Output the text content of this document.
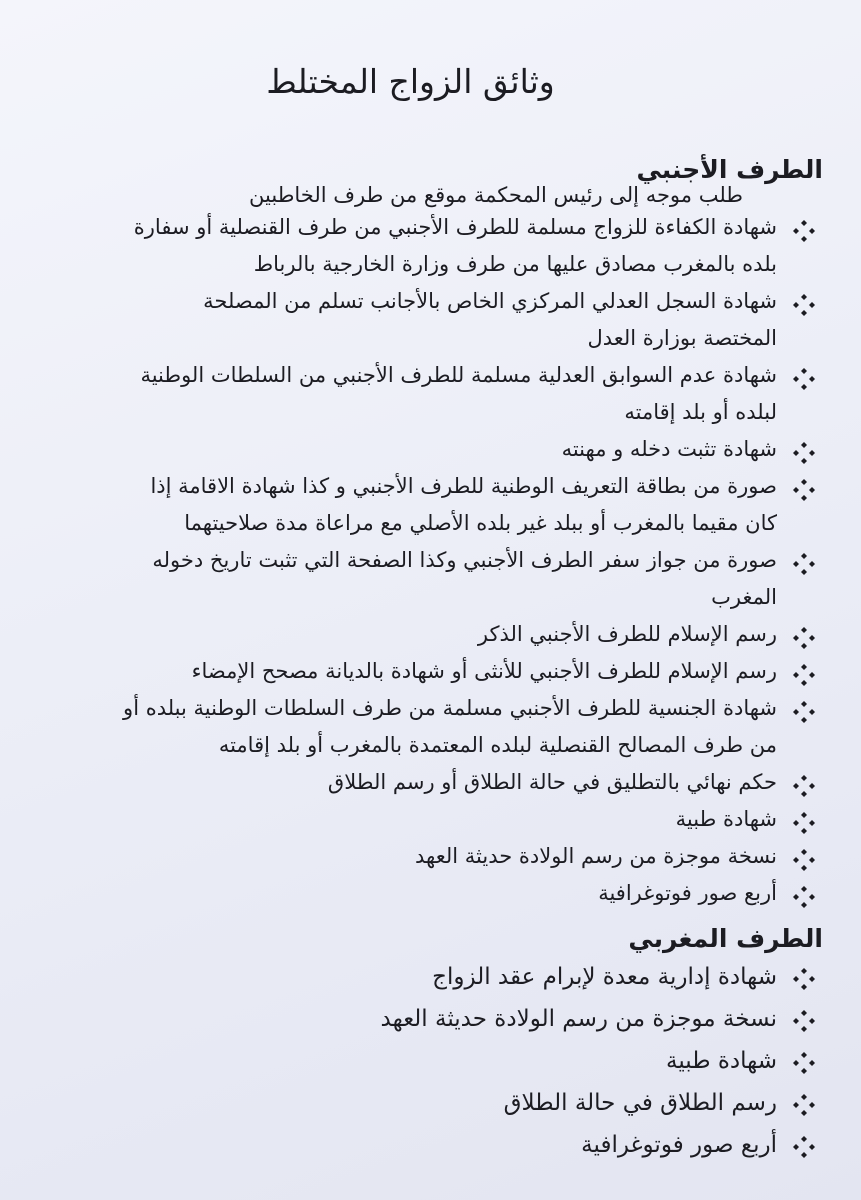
وثائق الزواج المختلط
الطرف الأجنبي

طلب موجه إلى رئيس المحكمة موقع من طرف الخاطبين

شهادة الكفاءة للزواج مسلمة للطرف الأجنبي من طرف القنصلية أو سفارة
بلده بالمغرب مصادق عليها من طرف وزارة الخارجية بالرباط
شهادة السجل العدلي المركزي الخاص بالأجانب تسلم من المصلحة
المختصة بوزارة العدل
شهادة عدم السوابق العدلية مسلمة للطرف الأجنبي من السلطات الوطنية
لبلده أو بلد إقامته
شهادة تثبت دخله و مهنته
صورة من بطاقة التعريف الوطنية للطرف الأجنبي و كذا شهادة الاقامة إذا
كان مقيما بالمغرب أو ببلد غير بلده الأصلي مع مراعاة مدة صلاحيتهما
صورة من جواز سفر الطرف الأجنبي وكذا الصفحة التي تثبت تاريخ دخوله
المغرب
رسم الإسلام للطرف الأجنبي الذكر
رسم الإسلام للطرف الأجنبي للأنثى أو شهادة بالديانة مصحح الإمضاء
شهادة الجنسية للطرف الأجنبي مسلمة من طرف السلطات الوطنية ببلده أو
من طرف المصالح القنصلية لبلده المعتمدة بالمغرب أو بلد إقامته
حكم نهائي بالتطليق في حالة الطلاق أو رسم الطلاق
شهادة طبية
نسخة موجزة من رسم الولادة حديثة العهد
أربع صور فوتوغرافية
الطرف المغربي
شهادة إدارية معدة لإبرام عقد الزواج
نسخة موجزة من رسم الولادة حديثة العهد
شهادة طبية
رسم الطلاق في حالة الطلاق
أربع صور فوتوغرافية
